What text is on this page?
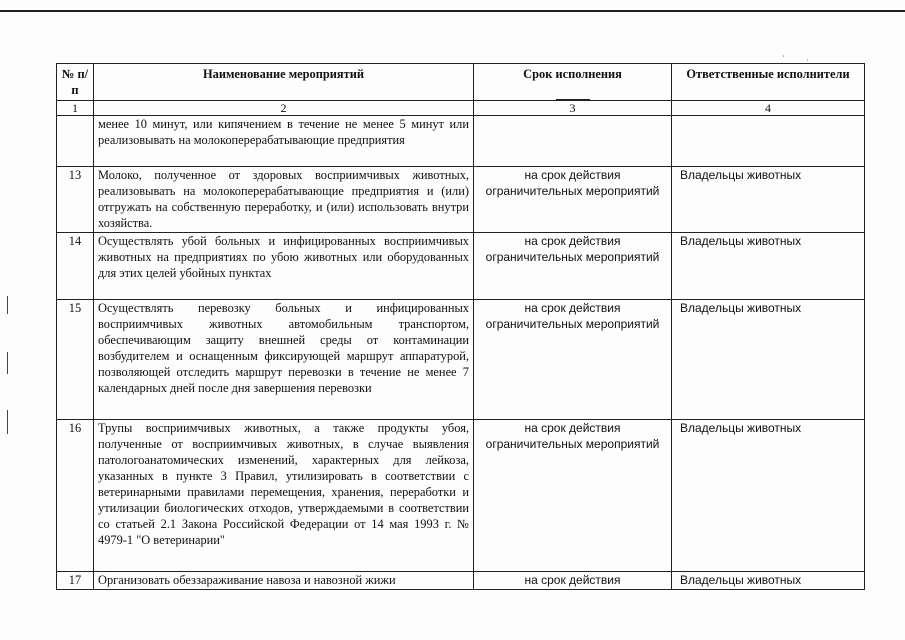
·	·
№ п/п	Наименование мероприятий	Срок исполнения	Ответственные исполнители
1	2	3	4
	менее 10 минут, или кипячением в течение не менее 5 минут или реализовывать на молокоперерабатывающие предприятия		
13	Молоко, полученное от здоровых восприимчивых животных, реализовывать на молокоперерабатывающие предприятия и (или) отгружать на собственную переработку, и (или) использовать внутри хозяйства.	на срок действия ограничительных мероприятий	Владельцы животных
14	Осуществлять убой больных и инфицированных восприимчивых животных на предприятиях по убою животных или оборудованных для этих целей убойных пунктах	на срок действия ограничительных мероприятий	Владельцы животных
15	Осуществлять перевозку больных и инфицированных восприимчивых животных автомобильным транспортом, обеспечивающим защиту внешней среды от контаминации возбудителем и оснащенным фиксирующей маршрут аппаратурой, позволяющей отследить маршрут перевозки в течение не менее 7 календарных дней после дня завершения перевозки	на срок действия ограничительных мероприятий	Владельцы животных
16	Трупы восприимчивых животных, а также продукты убоя, полученные от восприимчивых животных, в случае выявления патологоанатомических изменений, характерных для лейкоза, указанных в пункте 3 Правил, утилизировать в соответствии с ветеринарными правилами перемещения, хранения, переработки и утилизации биологических отходов, утверждаемыми в соответствии со статьей 2.1 Закона Российской Федерации от 14 мая 1993 г. № 4979-1 "О ветеринарии"	на срок действия ограничительных мероприятий	Владельцы животных
17	Организовать обеззараживание навоза и навозной жижи	на срок действия	Владельцы животных
